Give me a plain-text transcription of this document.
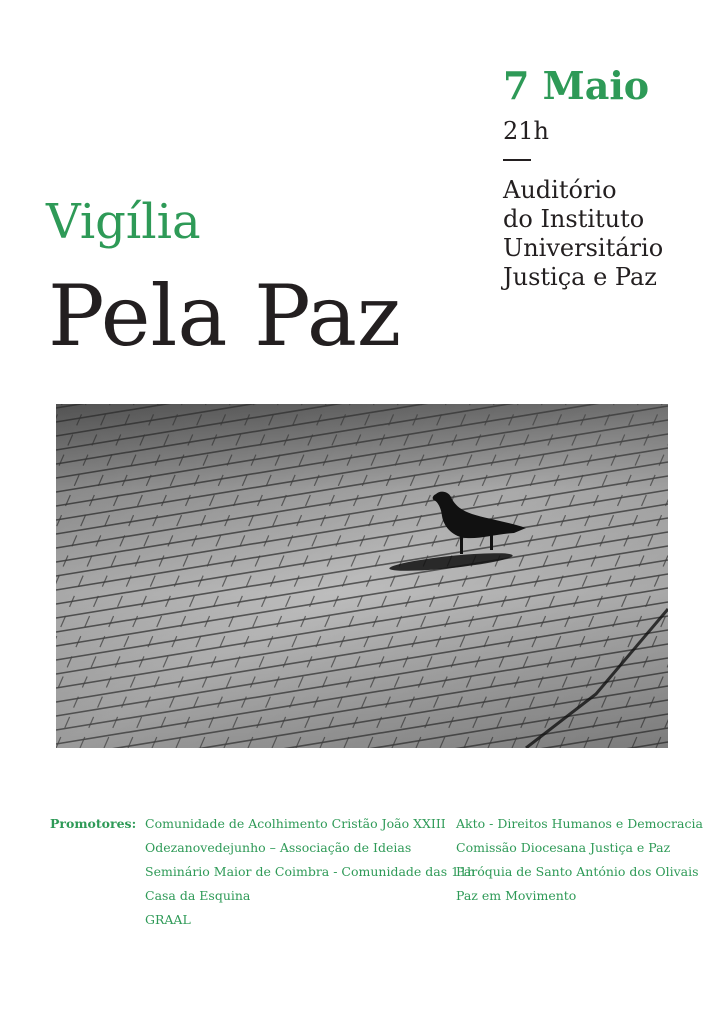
7 Maio
21h
Auditório
do Instituto
Universitário
Justiça e Paz
Vigília
Pela Paz
Promotores: Comunidade de Acolhimento Cristão João XXIII
Odezanovedejunho – Associação de Ideias
Seminário Maior de Coimbra - Comunidade das 11h
Casa da Esquina
GRAAL
Akto - Direitos Humanos e Democracia
Comissão Diocesana Justiça e Paz
Paróquia de Santo António dos Olivais
Paz em Movimento
